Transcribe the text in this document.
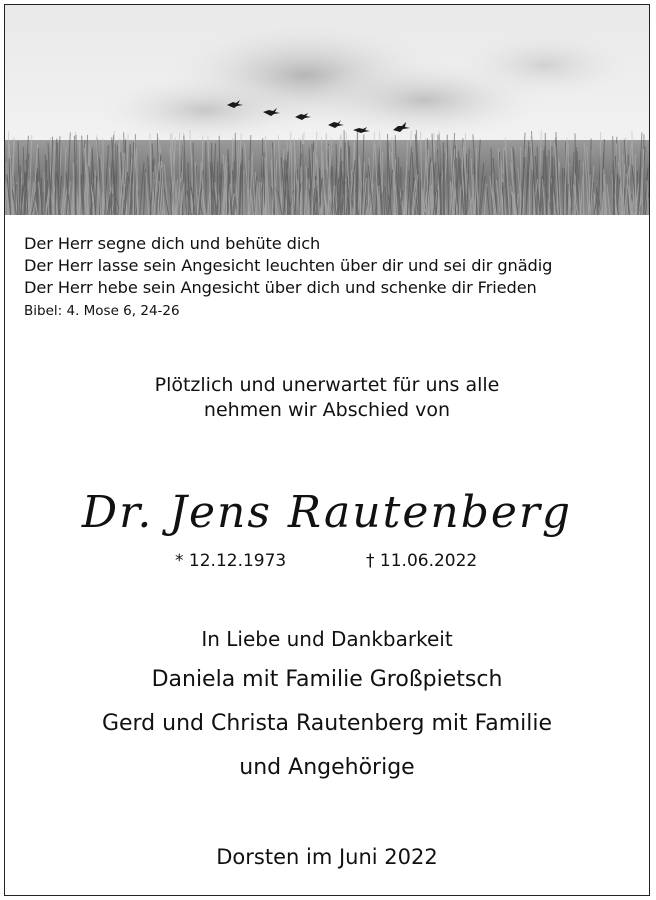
Der Herr segne dich und behüte dich
Der Herr lasse sein Angesicht leuchten über dir und sei dir gnädig
Der Herr hebe sein Angesicht über dich und schenke dir Frieden
Bibel: 4. Mose 6, 24-26
Plötzlich und unerwartet für uns alle
nehmen wir Abschied von
Dr. Jens Rautenberg
* 12.12.1973	† 11.06.2022
In Liebe und Dankbarkeit
Daniela mit Familie Großpietsch
Gerd und Christa Rautenberg mit Familie
und Angehörige
Dorsten im Juni 2022
